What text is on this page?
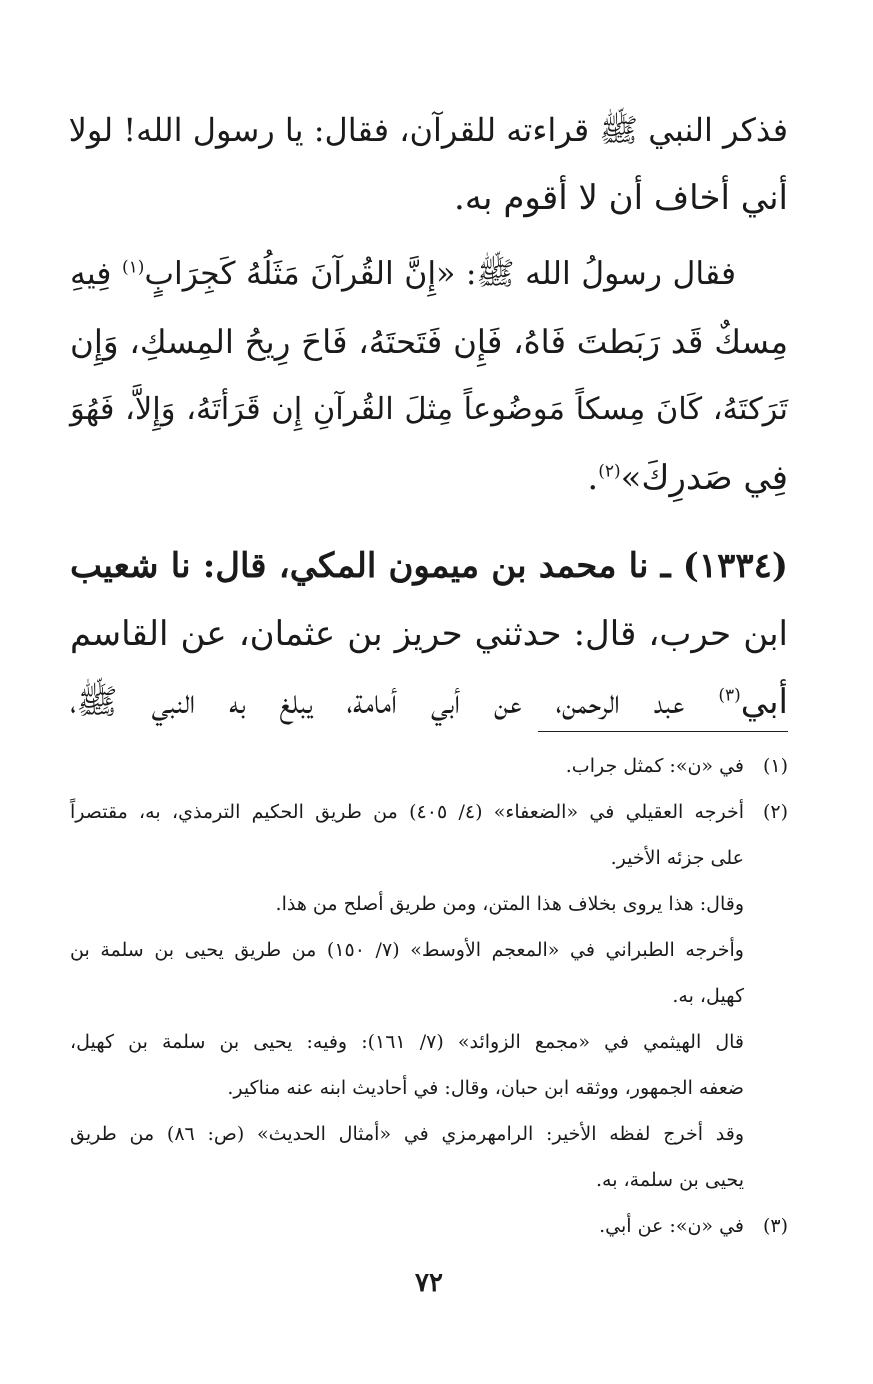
فذكر النبي ﷺ قراءته للقرآن، فقال: يا رسول الله! لولا
أني أخاف أن لا أقوم به.
فقال رسولُ الله ﷺ: «إِنَّ القُرآنَ مَثَلُهُ كَجِرَابٍ$^{(١)}$ فِيهِ
مِسكٌ قَد رَبَطتَ فَاهُ، فَإِن فَتَحتَهُ، فَاحَ رِيحُ المِسكِ، وَإِن
تَرَكتَهُ، كَانَ مِسكاً مَوضُوعاً مِثلَ القُرآنِ إِن قَرَأتَهُ، وَإِلاَّ، فَهُوَ
فِي صَدرِكَ»$^{(٢)}$.
(١٣٣٤) ـ نا محمد بن ميمون المكي، قال: نا شعيب
ابن حرب، قال: حدثني حريز بن عثمان، عن القاسم
أبي$^{(٣)}$ عبد الرحمن، عن أبي أمامة، يبلغ به النبي ﷺ،
(١)في «ن»: كمثل جراب.
(٢)أخرجه العقيلي في «الضعفاء» (٤/ ٤٠٥) من طريق الحكيم الترمذي، به، مقتصراً
على جزئه الأخير.
وقال: هذا يروى بخلاف هذا المتن، ومن طريق أصلح من هذا.
وأخرجه الطبراني في «المعجم الأوسط» (٧/ ١٥٠) من طريق يحيى بن سلمة بن
كهيل، به.
قال الهيثمي في «مجمع الزوائد» (٧/ ١٦١): وفيه: يحيى بن سلمة بن كهيل،
ضعفه الجمهور، ووثقه ابن حبان، وقال: في أحاديث ابنه عنه مناكير.
وقد أخرج لفظه الأخير: الرامهرمزي في «أمثال الحديث» (ص: ٨٦) من طريق
يحيى بن سلمة، به.
(٣)في «ن»: عن أبي.
٧٢
